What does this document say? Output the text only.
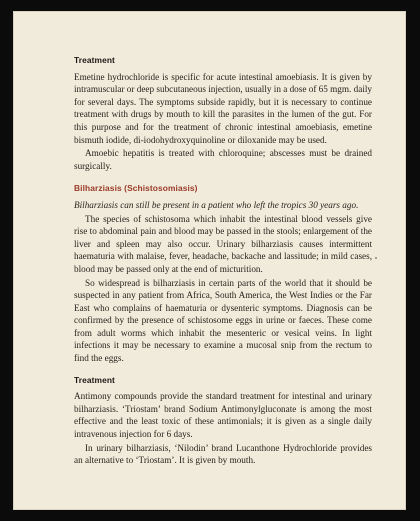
Treatment

Emetine hydrochloride is specific for acute intestinal amoebiasis. It is given by intramuscular or deep subcutaneous injection, usually in a dose of 65 mgm. daily for several days. The symptoms subside rapidly, but it is necessary to continue treatment with drugs by mouth to kill the parasites in the lumen of the gut. For this purpose and for the treatment of chronic intestinal amoebiasis, emetine bismuth iodide, di-iodohydroxyquinoline or diloxanide may be used.

Amoebic hepatitis is treated with chloroquine; abscesses must be drained surgically.

Bilharziasis (Schistosomiasis)

Bilharziasis can still be present in a patient who left the tropics 30 years ago.

The species of schistosoma which inhabit the intestinal blood vessels give rise to abdominal pain and blood may be passed in the stools; enlargement of the liver and spleen may also occur. Urinary bilharziasis causes intermittent haematuria with malaise, fever, headache, backache and lassitude; in mild cases, blood may be passed only at the end of micturition.

So widespread is bilharziasis in certain parts of the world that it should be suspected in any patient from Africa, South America, the West Indies or the Far East who complains of haematuria or dysenteric symptoms. Diagnosis can be confirmed by the presence of schistosome eggs in urine or faeces. These come from adult worms which inhabit the mesenteric or vesical veins. In light infections it may be necessary to examine a mucosal snip from the rectum to find the eggs.

Treatment

Antimony compounds provide the standard treatment for intestinal and urinary bilharziasis. ‘Triostam’ brand Sodium Antimonylgluconate is among the most effective and the least toxic of these antimonials; it is given as a single daily intravenous injection for 6 days.

In urinary bilharziasis, ‘Nilodin’ brand Lucanthone Hydrochloride provides an alternative to ‘Triostam’. It is given by mouth.
